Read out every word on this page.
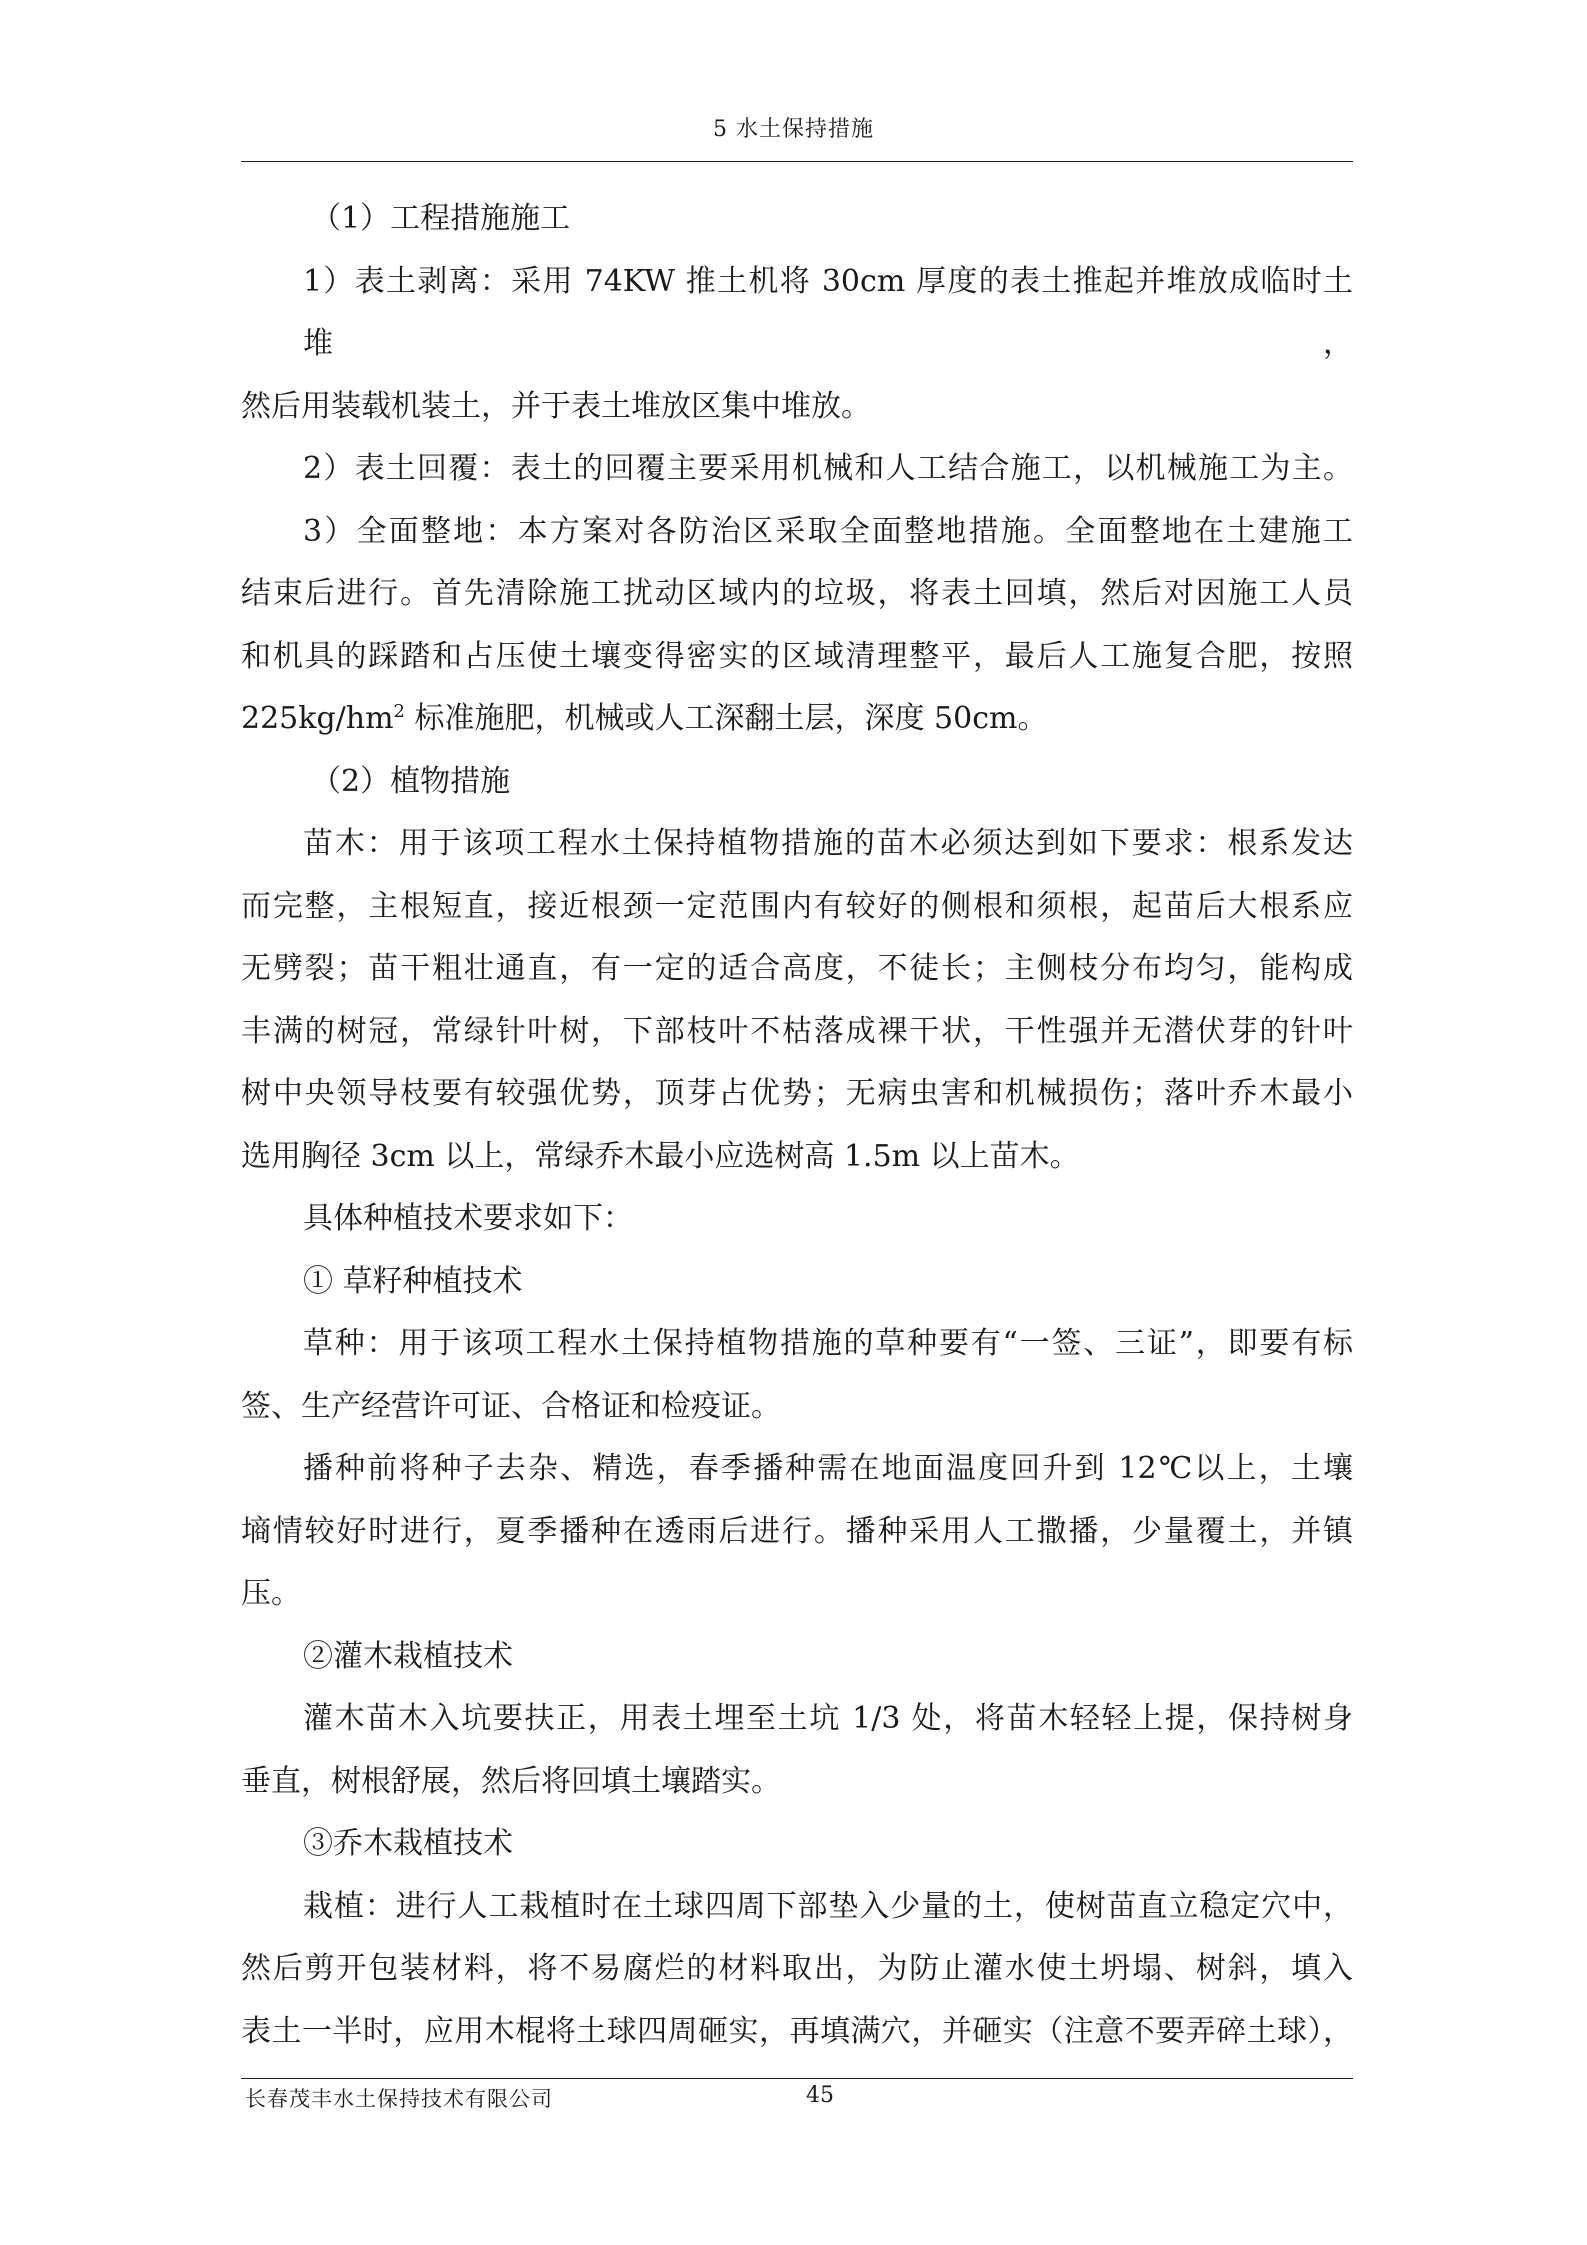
5 水土保持措施

（1）工程措施施工

1）表土剥离：采用 74KW 推土机将 30cm 厚度的表土推起并堆放成临时土堆，

然后用装载机装土，并于表土堆放区集中堆放。

2）表土回覆：表土的回覆主要采用机械和人工结合施工，以机械施工为主。

3）全面整地：本方案对各防治区采取全面整地措施。全面整地在土建施工

结束后进行。首先清除施工扰动区域内的垃圾，将表土回填，然后对因施工人员

和机具的踩踏和占压使土壤变得密实的区域清理整平，最后人工施复合肥，按照

$225kg/hm^2$ 标准施肥，机械或人工深翻土层，深度 50cm。

（2）植物措施

苗木：用于该项工程水土保持植物措施的苗木必须达到如下要求：根系发达

而完整，主根短直，接近根颈一定范围内有较好的侧根和须根，起苗后大根系应

无劈裂；苗干粗壮通直，有一定的适合高度，不徒长；主侧枝分布均匀，能构成

丰满的树冠，常绿针叶树，下部枝叶不枯落成裸干状，干性强并无潜伏芽的针叶

树中央领导枝要有较强优势，顶芽占优势；无病虫害和机械损伤；落叶乔木最小

选用胸径 3cm 以上，常绿乔木最小应选树高 1.5m 以上苗木。

具体种植技术要求如下：

① 草籽种植技术

草种：用于该项工程水土保持植物措施的草种要有“一签、三证”，即要有标

签、生产经营许可证、合格证和检疫证。

播种前将种子去杂、精选，春季播种需在地面温度回升到 12℃以上，土壤

墒情较好时进行，夏季播种在透雨后进行。播种采用人工撒播，少量覆土，并镇

压。

②灌木栽植技术

灌木苗木入坑要扶正，用表土埋至土坑 1/3 处，将苗木轻轻上提，保持树身

垂直，树根舒展，然后将回填土壤踏实。

③乔木栽植技术

栽植：进行人工栽植时在土球四周下部垫入少量的土，使树苗直立稳定穴中，

然后剪开包装材料，将不易腐烂的材料取出，为防止灌水使土坍塌、树斜，填入

表土一半时，应用木棍将土球四周砸实，再填满穴，并砸实（注意不要弄碎土球），

长春茂丰水土保持技术有限公司	45
